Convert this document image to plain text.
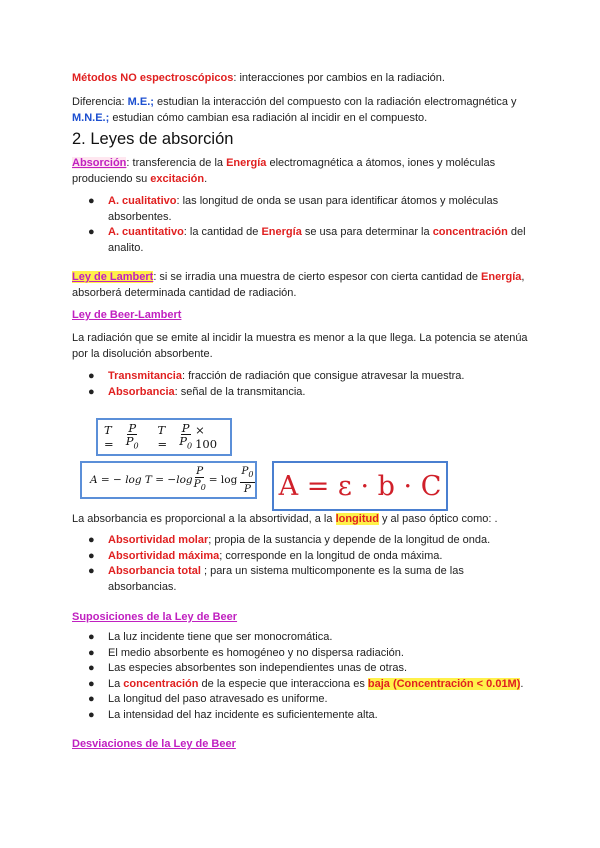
Métodos NO espectroscópicos: interacciones por cambios en la radiación.
Diferencia: M.E.; estudian la interacción del compuesto con la radiación electromagnética y M.N.E.; estudian cómo cambian esa radiación al incidir en el compuesto.
2. Leyes de absorción
Absorción: transferencia de la Energía electromagnética a átomos, iones y moléculas produciendo su excitación.
● A. cualitativo: las longitud de onda se usan para identificar átomos y moléculas absorbentes.
● A. cuantitativo: la cantidad de Energía se usa para determinar la concentración del analito.
Ley de Lambert: si se irradia una muestra de cierto espesor con cierta cantidad de Energía, absorberá determinada cantidad de radiación.
Ley de Beer-Lambert
La radiación que se emite al incidir la muestra es menor a la que llega. La potencia se atenúa por la disolución absorbente.
● Transmitancia: fracción de radiación que consigue atravesar la muestra.
● Absorbancia: señal de la transmitancia.
T =	$\frac{P}{P_0}$ T =	$\frac{P}{P_0} \times 100$
A = − $\log T = -\log \frac{P}{P_0} = \log \frac{P_0}{P}$ A = ε · b · C
La absorbancia es proporcional a la absortividad, a la longitud y al paso óptico como: .
● Absortividad molar; propia de la sustancia y depende de la longitud de onda.
● Absortividad máxima; corresponde en la longitud de onda máxima.
● Absorbancia total ; para un sistema multicomponente es la suma de las absorbancias.
Suposiciones de la Ley de Beer
● La luz incidente tiene que ser monocromática.
● El medio absorbente es homogéneo y no dispersa radiación.
● Las especies absorbentes son independientes unas de otras.
● La concentración de la especie que interacciona es baja (Concentración < 0.01M).
● La longitud del paso atravesado es uniforme.
● La intensidad del haz incidente es suficientemente alta.
Desviaciones de la Ley de Beer
